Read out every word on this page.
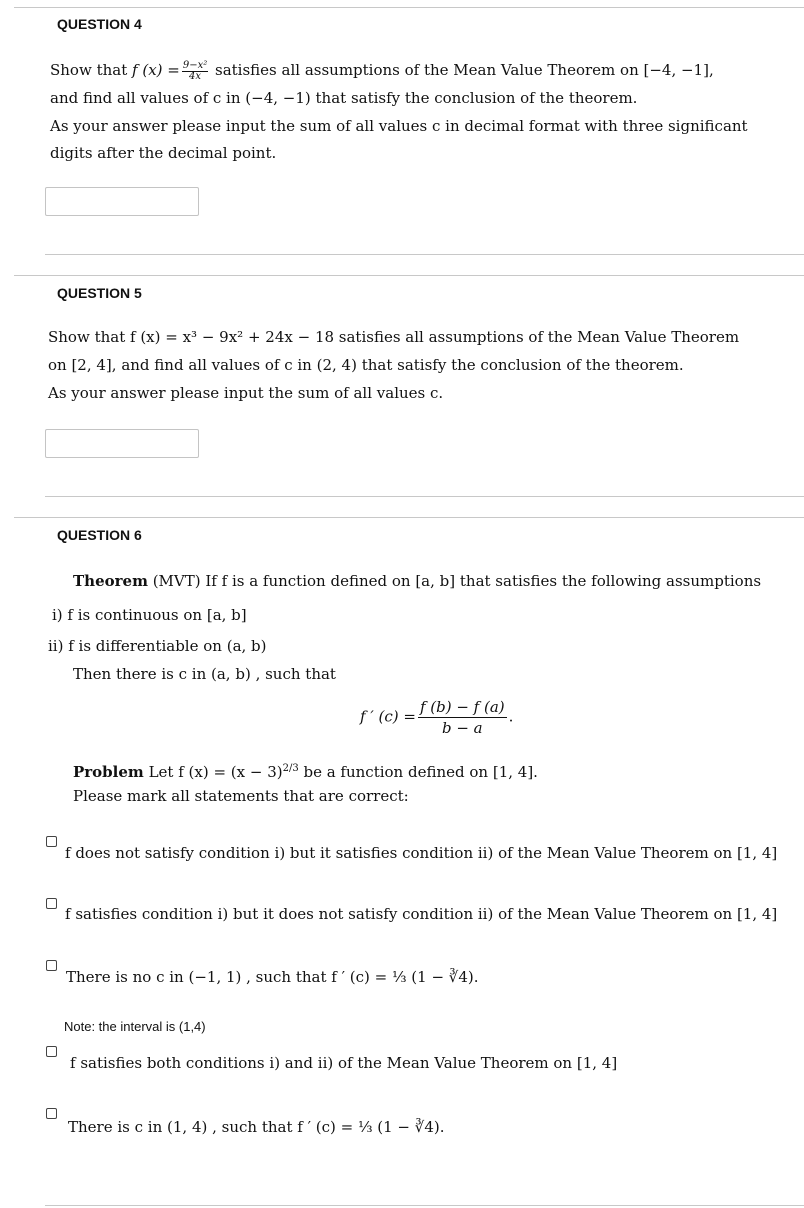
QUESTION 4
Show that f $(x) = \frac{\text{9−x²}}{4x}$ satisfies all assumptions of the Mean Value Theorem on [−4, −1],
and find all values of c in (−4, −1) that satisfy the conclusion of the theorem.
As your answer please input the sum of all values c in decimal format with three significant
digits after the decimal point.
QUESTION 5
Show that f (x) = x³ − 9x² + 24x − 18 satisfies all assumptions of the Mean Value Theorem
on [2, 4], and find all values of c in (2, 4) that satisfy the conclusion of the theorem.
As your answer please input the sum of all values c.
QUESTION 6
Theorem (MVT) If f is a function defined on [a, b] that satisfies the following assumptions
i) f is continuous on [a, b]
ii) f is differentiable on (a, b)
Then there is c in (a, b) , such that
f ′ $(c) = \frac{f (b) - f (a)}{b - a}$ .
Problem Let f $(x) = (x - 3)^{2/3}$ be a function defined on [1, 4].
Please mark all statements that are correct:
f does not satisfy condition i) but it satisfies condition ii) of the Mean Value Theorem on [1, 4]
f satisfies condition i) but it does not satisfy condition ii) of the Mean Value Theorem on [1, 4]
There is no c in (−1, 1) , such that f ′ (c) = ⅓ (1 − ∛4).
Note: the interval is (1,4)
f satisfies both conditions i) and ii) of the Mean Value Theorem on [1, 4]
There is c in (1, 4) , such that f ′ (c) = ⅓ (1 − ∛4).
